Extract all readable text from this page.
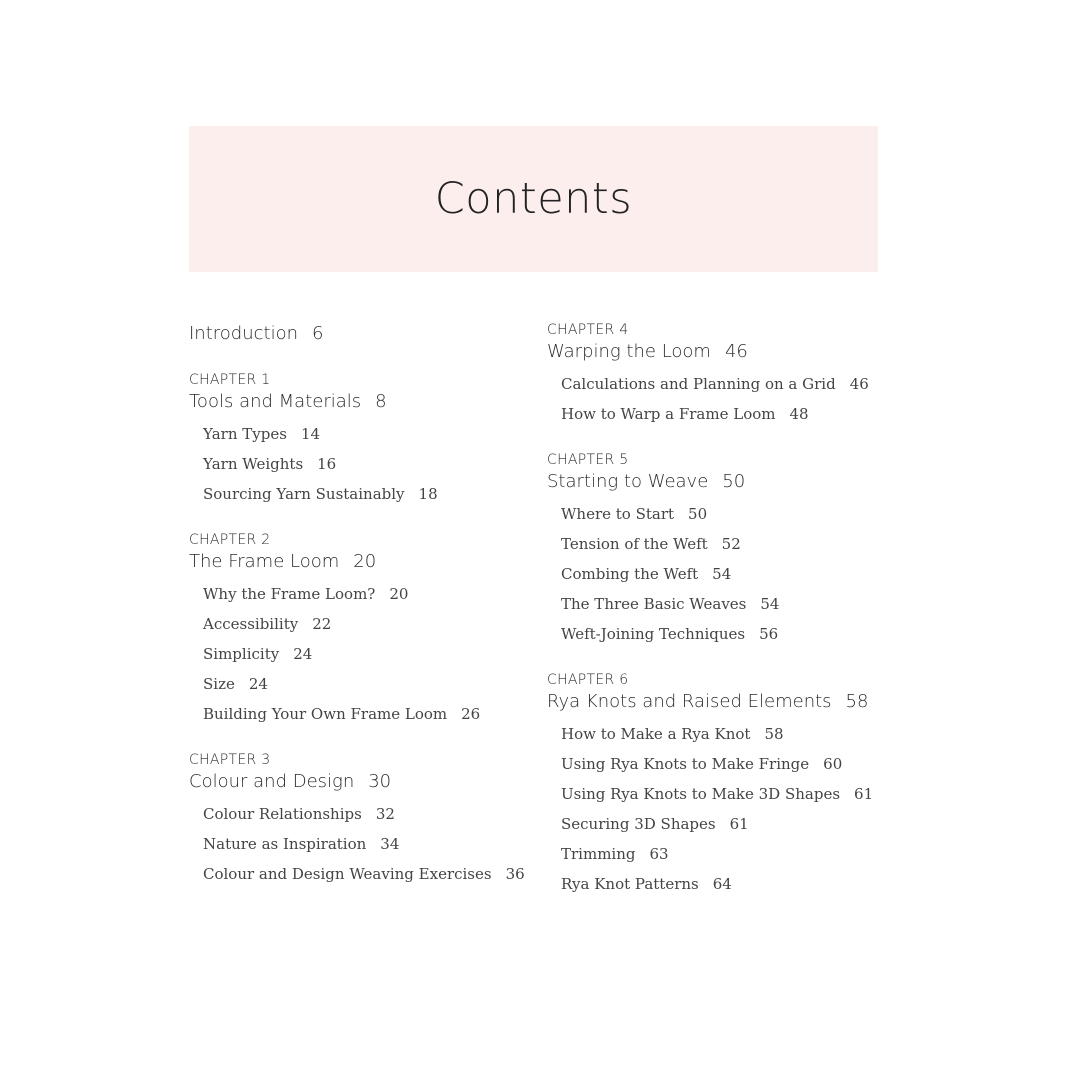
Contents
Introduction 6
CHAPTER 1
Tools and Materials 8
Yarn Types 14
Yarn Weights 16
Sourcing Yarn Sustainably 18
CHAPTER 2
The Frame Loom 20
Why the Frame Loom? 20
Accessibility 22
Simplicity 24
Size 24
Building Your Own Frame Loom 26
CHAPTER 3
Colour and Design 30
Colour Relationships 32
Nature as Inspiration 34
Colour and Design Weaving Exercises 36
CHAPTER 4
Warping the Loom 46
Calculations and Planning on a Grid 46
How to Warp a Frame Loom 48
CHAPTER 5
Starting to Weave 50
Where to Start 50
Tension of the Weft 52
Combing the Weft 54
The Three Basic Weaves 54
Weft-Joining Techniques 56
CHAPTER 6
Rya Knots and Raised Elements 58
How to Make a Rya Knot 58
Using Rya Knots to Make Fringe 60
Using Rya Knots to Make 3D Shapes 61
Securing 3D Shapes 61
Trimming 63
Rya Knot Patterns 64
